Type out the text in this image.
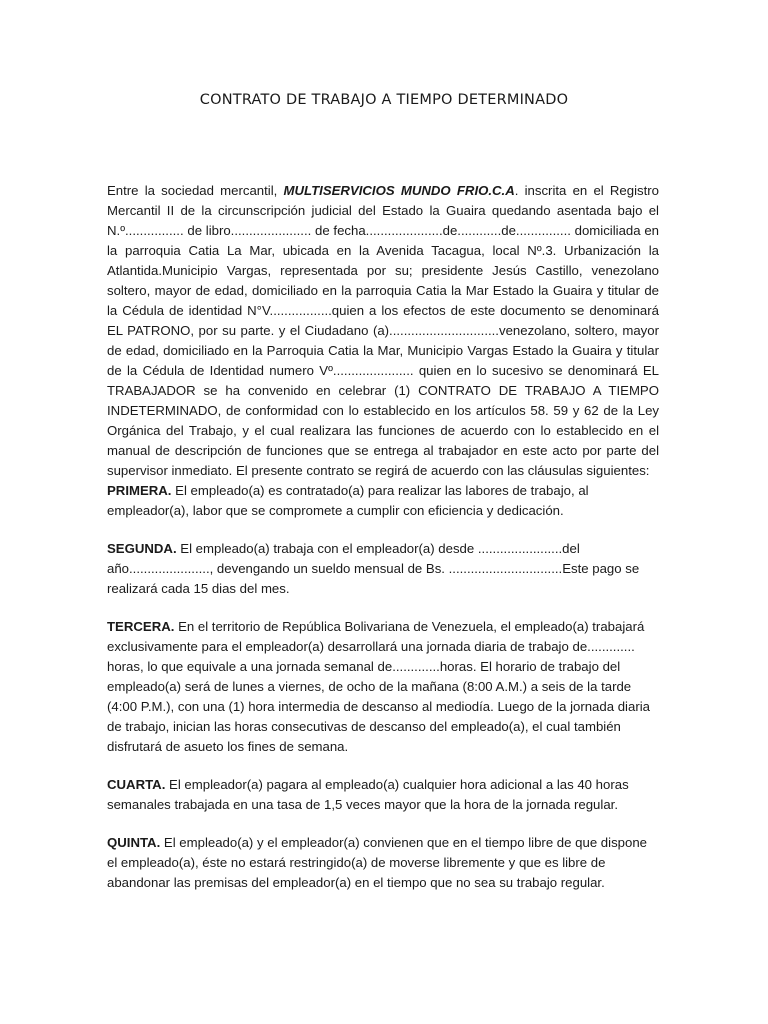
CONTRATO DE TRABAJO A TIEMPO DETERMINADO

Entre la sociedad mercantil, MULTISERVICIOS MUNDO FRIO.C.A. inscrita en el Registro Mercantil II de la circunscripción judicial del Estado la Guaira quedando asentada bajo el N.º................ de libro...................... de fecha.....................de............de............... domiciliada en la parroquia Catia La Mar, ubicada en la Avenida Tacagua, local Nº.3. Urbanización la Atlantida.Municipio Vargas, representada por su; presidente Jesús Castillo, venezolano soltero, mayor de edad, domiciliado en la parroquia Catia la Mar Estado la Guaira y titular de la Cédula de identidad N°V.................quien a los efectos de este documento se denominará EL PATRONO, por su parte. y el Ciudadano (a)..............................venezolano, soltero, mayor de edad, domiciliado en la Parroquia Catia la Mar, Municipio Vargas Estado la Guaira y titular de la Cédula de Identidad numero Vº...................... quien en lo sucesivo se denominará EL TRABAJADOR se ha convenido en celebrar (1) CONTRATO DE TRABAJO A TIEMPO INDETERMINADO, de conformidad con lo establecido en los artículos 58. 59 y 62 de la Ley Orgánica del Trabajo, y el cual realizara las funciones de acuerdo con lo establecido en el manual de descripción de funciones que se entrega al trabajador en este acto por parte del supervisor inmediato. El presente contrato se regirá de acuerdo con las cláusulas siguientes:

PRIMERA. El empleado(a) es contratado(a) para realizar las labores de trabajo, al empleador(a), labor que se compromete a cumplir con eficiencia y dedicación.

SEGUNDA. El empleado(a) trabaja con el empleador(a) desde .......................del año......................, devengando un sueldo mensual de Bs. ...............................Este pago se realizará cada 15 dias del mes.

TERCERA. En el territorio de República Bolivariana de Venezuela, el empleado(a) trabajará exclusivamente para el empleador(a) desarrollará una jornada diaria de trabajo de............. horas, lo que equivale a una jornada semanal de.............horas. El horario de trabajo del empleado(a) será de lunes a viernes, de ocho de la mañana (8:00 A.M.) a seis de la tarde (4:00 P.M.), con una (1) hora intermedia de descanso al mediodía. Luego de la jornada diaria de trabajo, inician las horas consecutivas de descanso del empleado(a), el cual también disfrutará de asueto los fines de semana.

CUARTA. El empleador(a) pagara al empleado(a) cualquier hora adicional a las 40 horas semanales trabajada en una tasa de 1,5 veces mayor que la hora de la jornada regular.

QUINTA. El empleado(a) y el empleador(a) convienen que en el tiempo libre de que dispone el empleado(a), éste no estará restringido(a) de moverse libremente y que es libre de abandonar las premisas del empleador(a) en el tiempo que no sea su trabajo regular.
